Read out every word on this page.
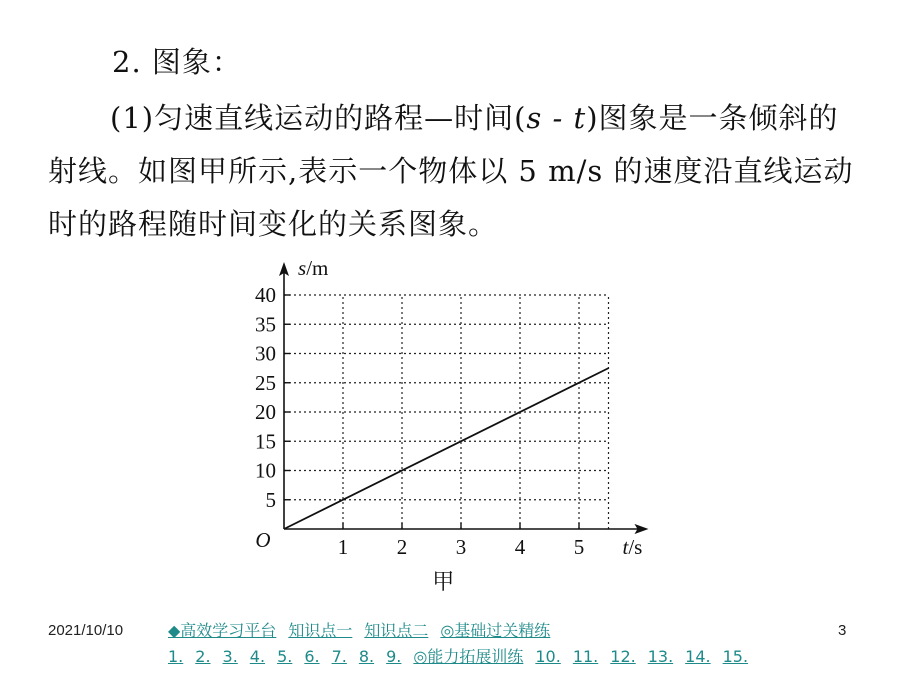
2. 图象：
(1)匀速直线运动的路程—时间(s - t)图象是一条倾斜的射线。如图甲所示,表示一个物体以 5 m/s 的速度沿直线运动时的路程随时间变化的关系图象。
5
10
15
20
25
30
35
40
1 2 3 4 5
O
s/m
t/s
甲
2021/10/10	◆高效学习平台 知识点一 知识点二 ◎基础过关精练1. 2. 3. 4. 5. 6. 7. 8. 9. ◎能力拓展训练 10. 11. 12. 13. 14. 15.
3
